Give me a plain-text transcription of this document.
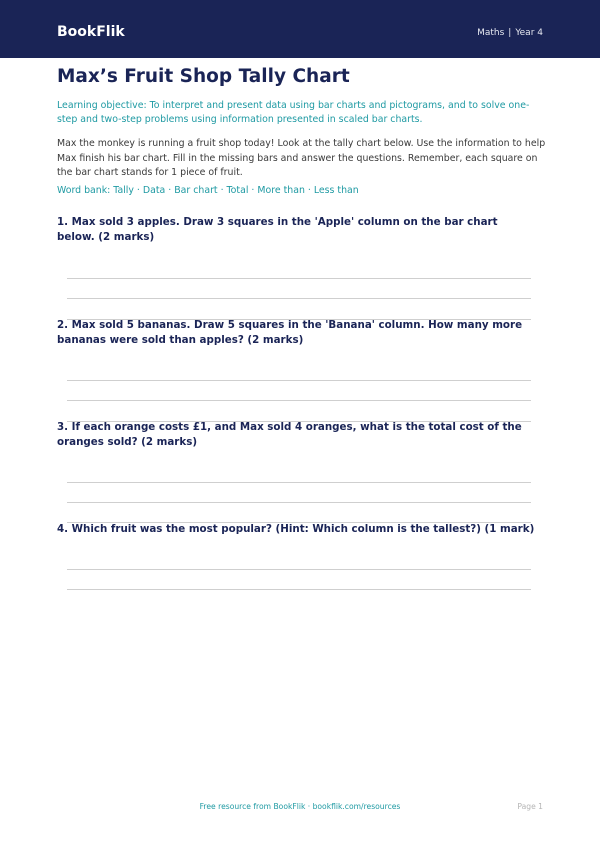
BookFlik	Maths | Year 4
Max’s Fruit Shop Tally Chart

Learning objective: To interpret and present data using bar charts and pictograms, and to solve one-step and two-step problems using information presented in scaled bar charts.

Max the monkey is running a fruit shop today! Look at the tally chart below. Use the information to help Max finish his bar chart. Fill in the missing bars and answer the questions. Remember, each square on the bar chart stands for 1 piece of fruit.

Word bank: Tally · Data · Bar chart · Total · More than · Less than

1. Max sold 3 apples. Draw 3 squares in the 'Apple' column on the bar chart below. (2 marks)

2. Max sold 5 bananas. Draw 5 squares in the 'Banana' column. How many more bananas were sold than apples? (2 marks)

3. If each orange costs £1, and Max sold 4 oranges, what is the total cost of the oranges sold? (2 marks)

4. Which fruit was the most popular? (Hint: Which column is the tallest?) (1 mark)

Free resource from BookFlik · bookflik.com/resources	Page 1
